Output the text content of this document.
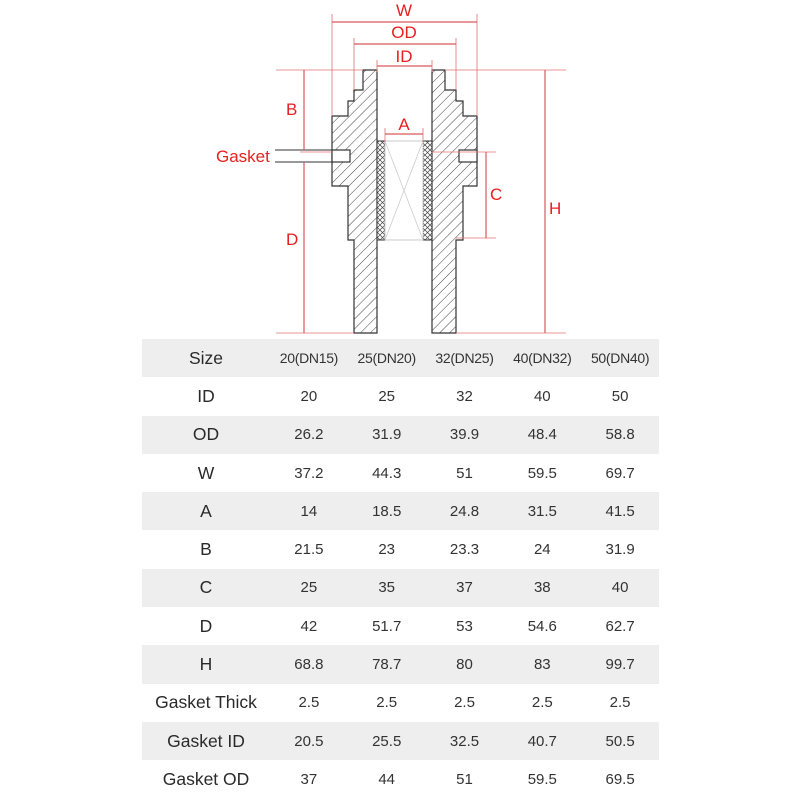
W
OD
ID
A
B
D
Gasket
C
H
Size	20(DN15)	25(DN20)	32(DN25)	40(DN32)	50(DN40)
ID	20	25	32	40	50
OD	26.2	31.9	39.9	48.4	58.8
W	37.2	44.3	51	59.5	69.7
A	14	18.5	24.8	31.5	41.5
B	21.5	23	23.3	24	31.9
C	25	35	37	38	40
D	42	51.7	53	54.6	62.7
H	68.8	78.7	80	83	99.7
Gasket Thick	2.5	2.5	2.5	2.5	2.5
Gasket ID	20.5	25.5	32.5	40.7	50.5
Gasket OD	37	44	51	59.5	69.5
